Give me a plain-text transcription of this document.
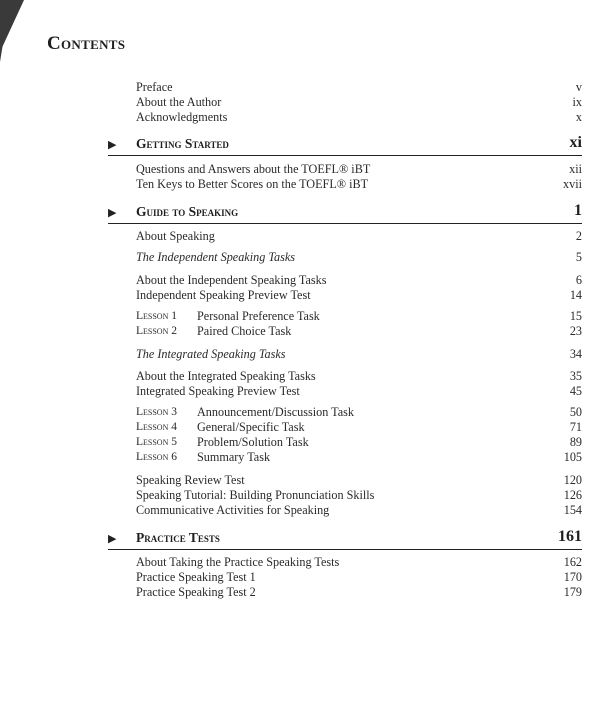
Contents
Preface	v
About the Author	ix
Acknowledgments	x
▶ Getting Started	xi
Questions and Answers about the TOEFL® iBT	xii
Ten Keys to Better Scores on the TOEFL® iBT	xvii
▶ Guide to Speaking	1
About Speaking	2
The Independent Speaking Tasks	5
About the Independent Speaking Tasks	6
Independent Speaking Preview Test	14
Lesson 1 Personal Preference Task	15
Lesson 2 Paired Choice Task	23
The Integrated Speaking Tasks	34
About the Integrated Speaking Tasks	35
Integrated Speaking Preview Test	45
Lesson 3 Announcement/Discussion Task	50
Lesson 4 General/Specific Task	71
Lesson 5 Problem/Solution Task	89
Lesson 6 Summary Task	105
Speaking Review Test	120
Speaking Tutorial: Building Pronunciation Skills	126
Communicative Activities for Speaking	154
▶ Practice Tests	161
About Taking the Practice Speaking Tests	162
Practice Speaking Test 1	170
Practice Speaking Test 2	179
